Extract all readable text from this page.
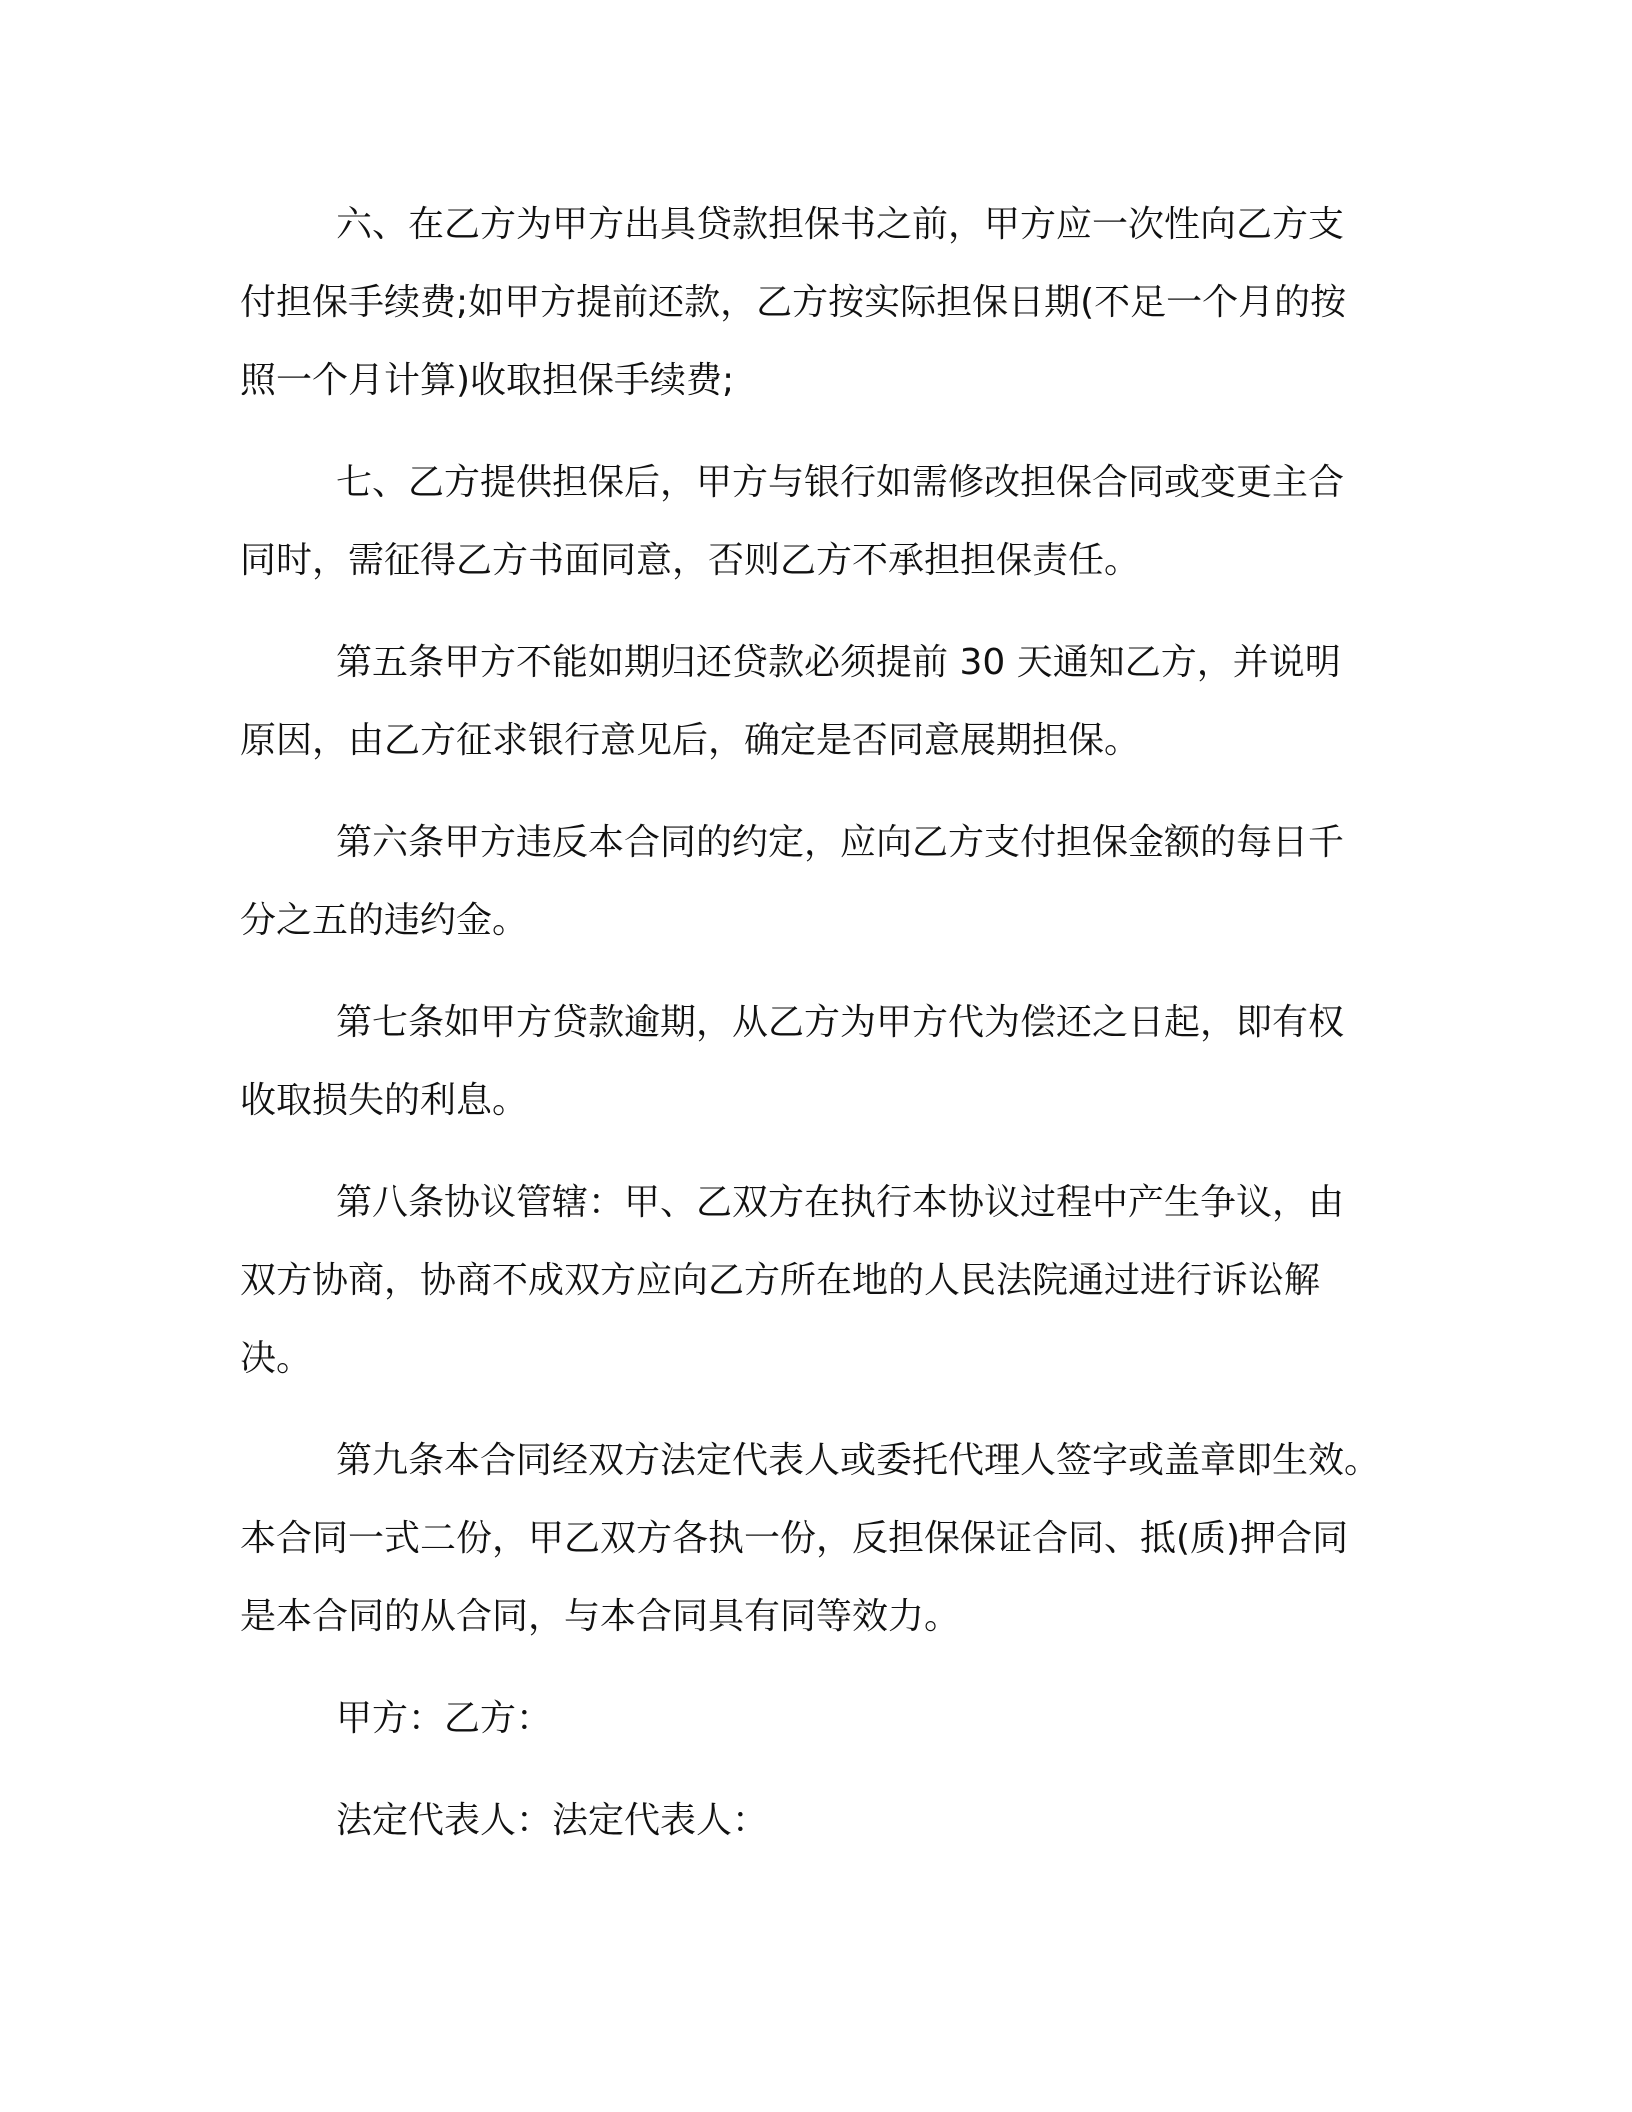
六、在乙方为甲方出具贷款担保书之前，甲方应一次性向乙方支
付担保手续费;如甲方提前还款，乙方按实际担保日期(不足一个月的按
照一个月计算)收取担保手续费;

七、乙方提供担保后，甲方与银行如需修改担保合同或变更主合
同时，需征得乙方书面同意，否则乙方不承担担保责任。

第五条甲方不能如期归还贷款必须提前 30 天通知乙方，并说明
原因，由乙方征求银行意见后，确定是否同意展期担保。

第六条甲方违反本合同的约定，应向乙方支付担保金额的每日千
分之五的违约金。

第七条如甲方贷款逾期，从乙方为甲方代为偿还之日起，即有权
收取损失的利息。

第八条协议管辖：甲、乙双方在执行本协议过程中产生争议，由
双方协商，协商不成双方应向乙方所在地的人民法院通过进行诉讼解
决。

第九条本合同经双方法定代表人或委托代理人签字或盖章即生效。
本合同一式二份，甲乙双方各执一份，反担保保证合同、抵(质)押合同
是本合同的从合同，与本合同具有同等效力。

甲方：乙方：

法定代表人：法定代表人：
